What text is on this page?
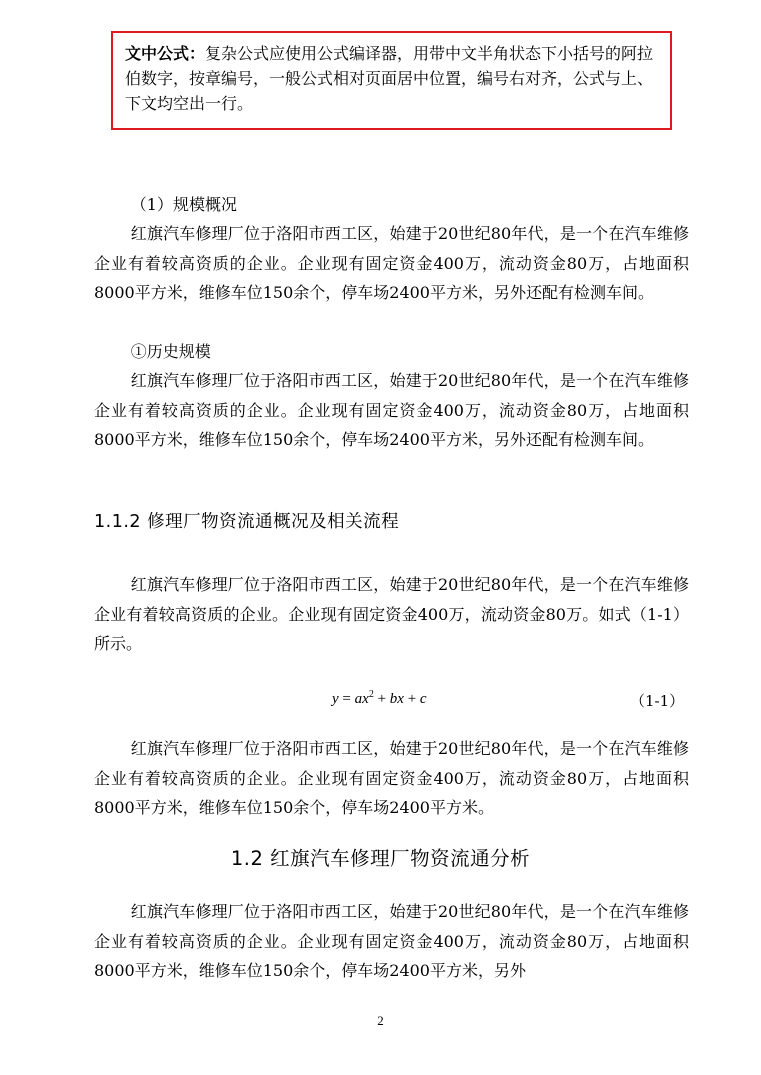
文中公式：复杂公式应使用公式编译器，用带中文半角状态下小括号的阿拉伯数字，按章编号，一般公式相对页面居中位置，编号右对齐，公式与上、下文均空出一行。

（1）规模概况

红旗汽车修理厂位于洛阳市西工区，始建于20世纪80年代，是一个在汽车维修企业有着较高资质的企业。企业现有固定资金400万，流动资金80万，占地面积8000平方米，维修车位150余个，停车场2400平方米，另外还配有检测车间。

①历史规模

红旗汽车修理厂位于洛阳市西工区，始建于20世纪80年代，是一个在汽车维修企业有着较高资质的企业。企业现有固定资金400万，流动资金80万，占地面积8000平方米，维修车位150余个，停车场2400平方米，另外还配有检测车间。

1.1.2 修理厂物资流通概况及相关流程

红旗汽车修理厂位于洛阳市西工区，始建于20世纪80年代，是一个在汽车维修企业有着较高资质的企业。企业现有固定资金400万，流动资金80万。如式（1-1）所示。

$y = ax^2$ + bx + c	（1-1）

红旗汽车修理厂位于洛阳市西工区，始建于20世纪80年代，是一个在汽车维修企业有着较高资质的企业。企业现有固定资金400万，流动资金80万，占地面积8000平方米，维修车位150余个，停车场2400平方米。

1.2 红旗汽车修理厂物资流通分析

红旗汽车修理厂位于洛阳市西工区，始建于20世纪80年代，是一个在汽车维修企业有着较高资质的企业。企业现有固定资金400万，流动资金80万，占地面积8000平方米，维修车位150余个，停车场2400平方米，另外

2
